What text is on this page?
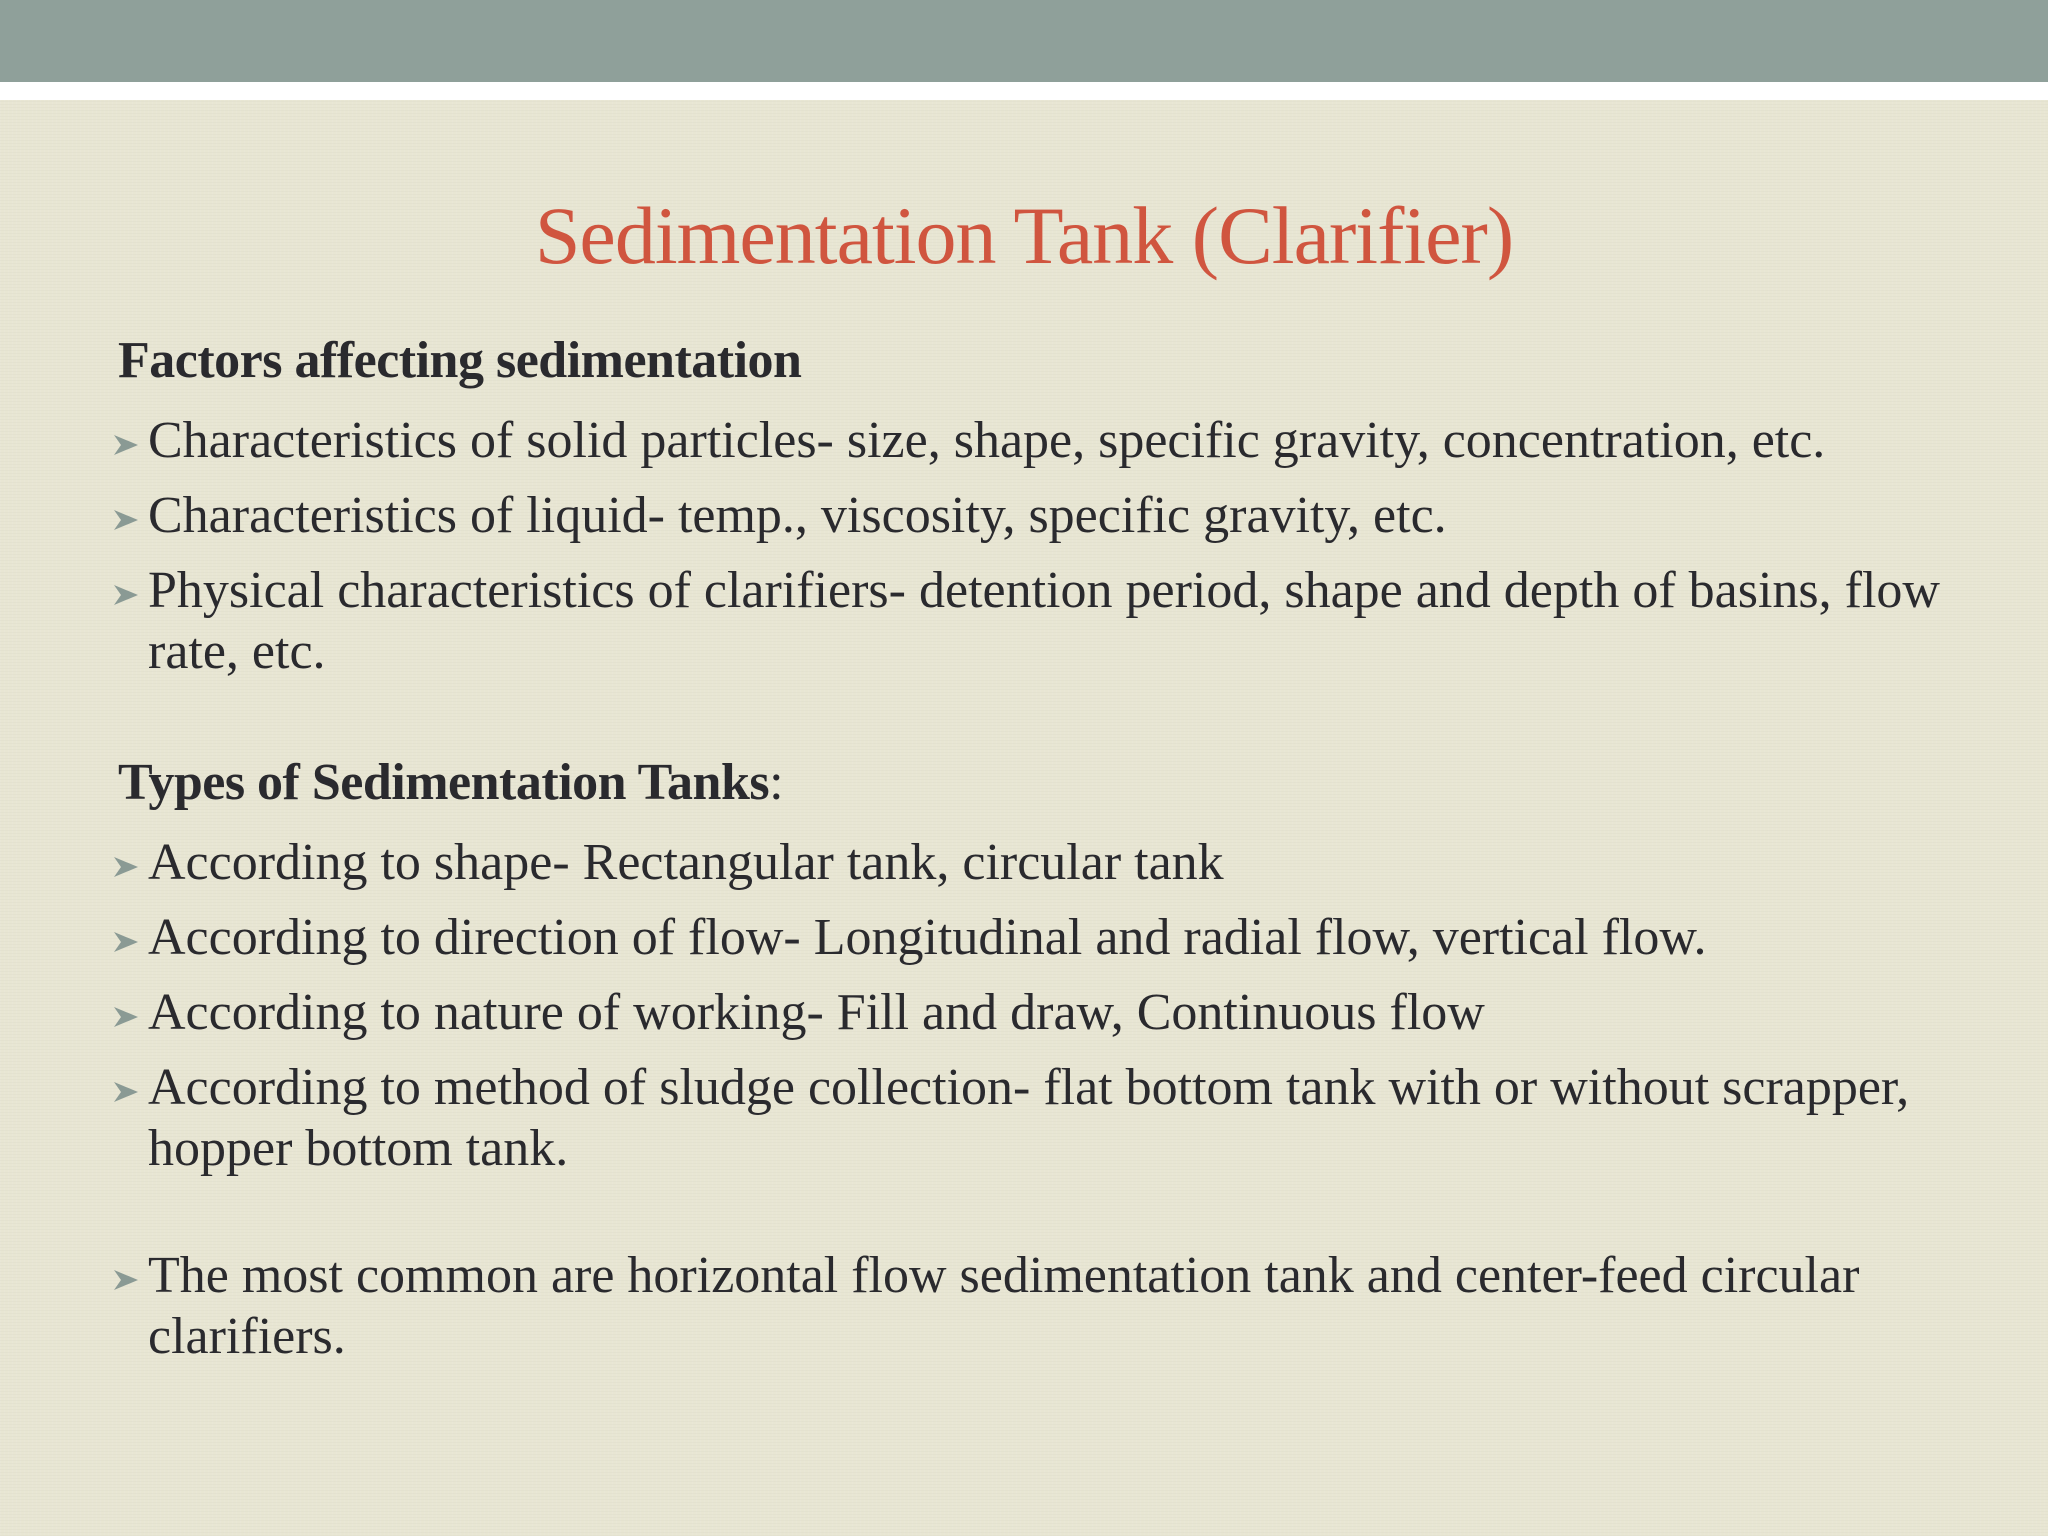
Sedimentation Tank (Clarifier)
Factors affecting sedimentation
Characteristics of solid particles- size, shape, specific gravity, concentration, etc.
Characteristics of liquid- temp., viscosity, specific gravity, etc.
Physical characteristics of clarifiers- detention period, shape and depth of basins, flow rate, etc.
Types of Sedimentation Tanks:
According to shape- Rectangular tank, circular tank
According to direction of flow- Longitudinal and radial flow, vertical flow.
According to nature of working- Fill and draw, Continuous flow
According to method of sludge collection- flat bottom tank with or without scrapper, hopper bottom tank.
The most common are horizontal flow sedimentation tank and center-feed circular clarifiers.
